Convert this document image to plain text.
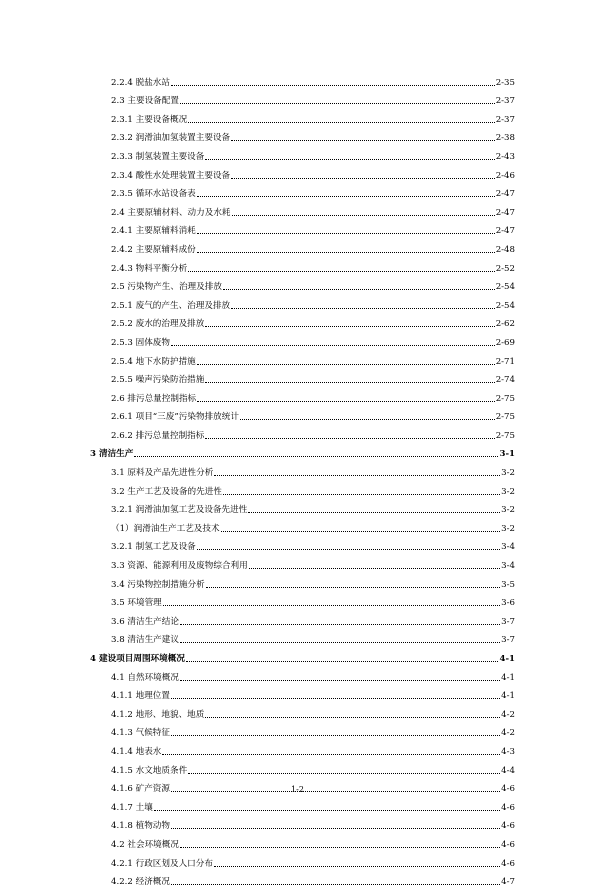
2.2.4 脱盐水站	2-35
2.3 主要设备配置	2-37
2.3.1 主要设备概况	2-37
2.3.2 润滑油加氢装置主要设备	2-38
2.3.3 制氢装置主要设备	2-43
2.3.4 酸性水处理装置主要设备	2-46
2.3.5 循环水站设备表	2-47
2.4 主要原辅材料、动力及水耗	2-47
2.4.1 主要原辅料消耗	2-47
2.4.2 主要原辅料成份	2-48
2.4.3 物料平衡分析	2-52
2.5 污染物产生、治理及排放	2-54
2.5.1 废气的产生、治理及排放	2-54
2.5.2 废水的治理及排放	2-62
2.5.3 固体废物	2-69
2.5.4 地下水防护措施	2-71
2.5.5 噪声污染防治措施	2-74
2.6 排污总量控制指标	2-75
2.6.1 项目“三废”污染物排放统计	2-75
2.6.2 排污总量控制指标	2-75
3 清洁生产	3-1
3.1 原料及产品先进性分析	3-2
3.2 生产工艺及设备的先进性	3-2
3.2.1 润滑油加氢工艺及设备先进性	3-2
（1）润滑油生产工艺及技术	3-2
3.2.1 制氢工艺及设备	3-4
3.3 资源、能源利用及废物综合利用	3-4
3.4 污染物控制措施分析	3-5
3.5 环境管理	3-6
3.6 清洁生产结论	3-7
3.8 清洁生产建议	3-7
4 建设项目周围环境概况	4-1
4.1 自然环境概况	4-1
4.1.1 地理位置	4-1
4.1.2 地形、地貌、地质	4-2
4.1.3 气候特征	4-2
4.1.4 地表水	4-3
4.1.5 水文地质条件	4-4
4.1.6 矿产资源	4-6
4.1.7 土壤	4-6
4.1.8 植物动物	4-6
4.2 社会环境概况	4-6
4.2.1 行政区划及人口分布	4-6
4.2.2 经济概况	4-7
1-2
